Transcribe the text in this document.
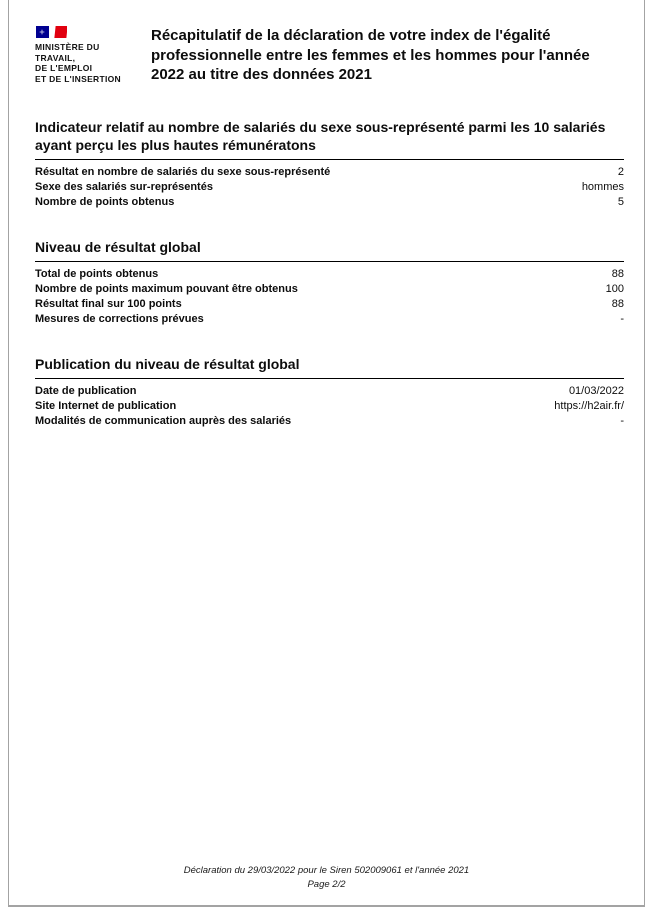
MINISTÈRE DU
TRAVAIL,
DE L'EMPLOI
ET DE L'INSERTION
Récapitulatif de la déclaration de votre index de l'égalité professionnelle entre les femmes et les hommes pour l'année 2022 au titre des données 2021
Indicateur relatif au nombre de salariés du sexe sous-représenté parmi les 10 salariés ayant perçu les plus hautes rémunératons
Résultat en nombre de salariés du sexe sous-représenté	2
Sexe des salariés sur-représentés	hommes
Nombre de points obtenus	5
Niveau de résultat global
Total de points obtenus	88
Nombre de points maximum pouvant être obtenus	100
Résultat final sur 100 points	88
Mesures de corrections prévues	-
Publication du niveau de résultat global
Date de publication	01/03/2022
Site Internet de publication	https://h2air.fr/
Modalités de communication auprès des salariés	-
Déclaration du 29/03/2022 pour le Siren 502009061 et l'année 2021
Page 2/2
